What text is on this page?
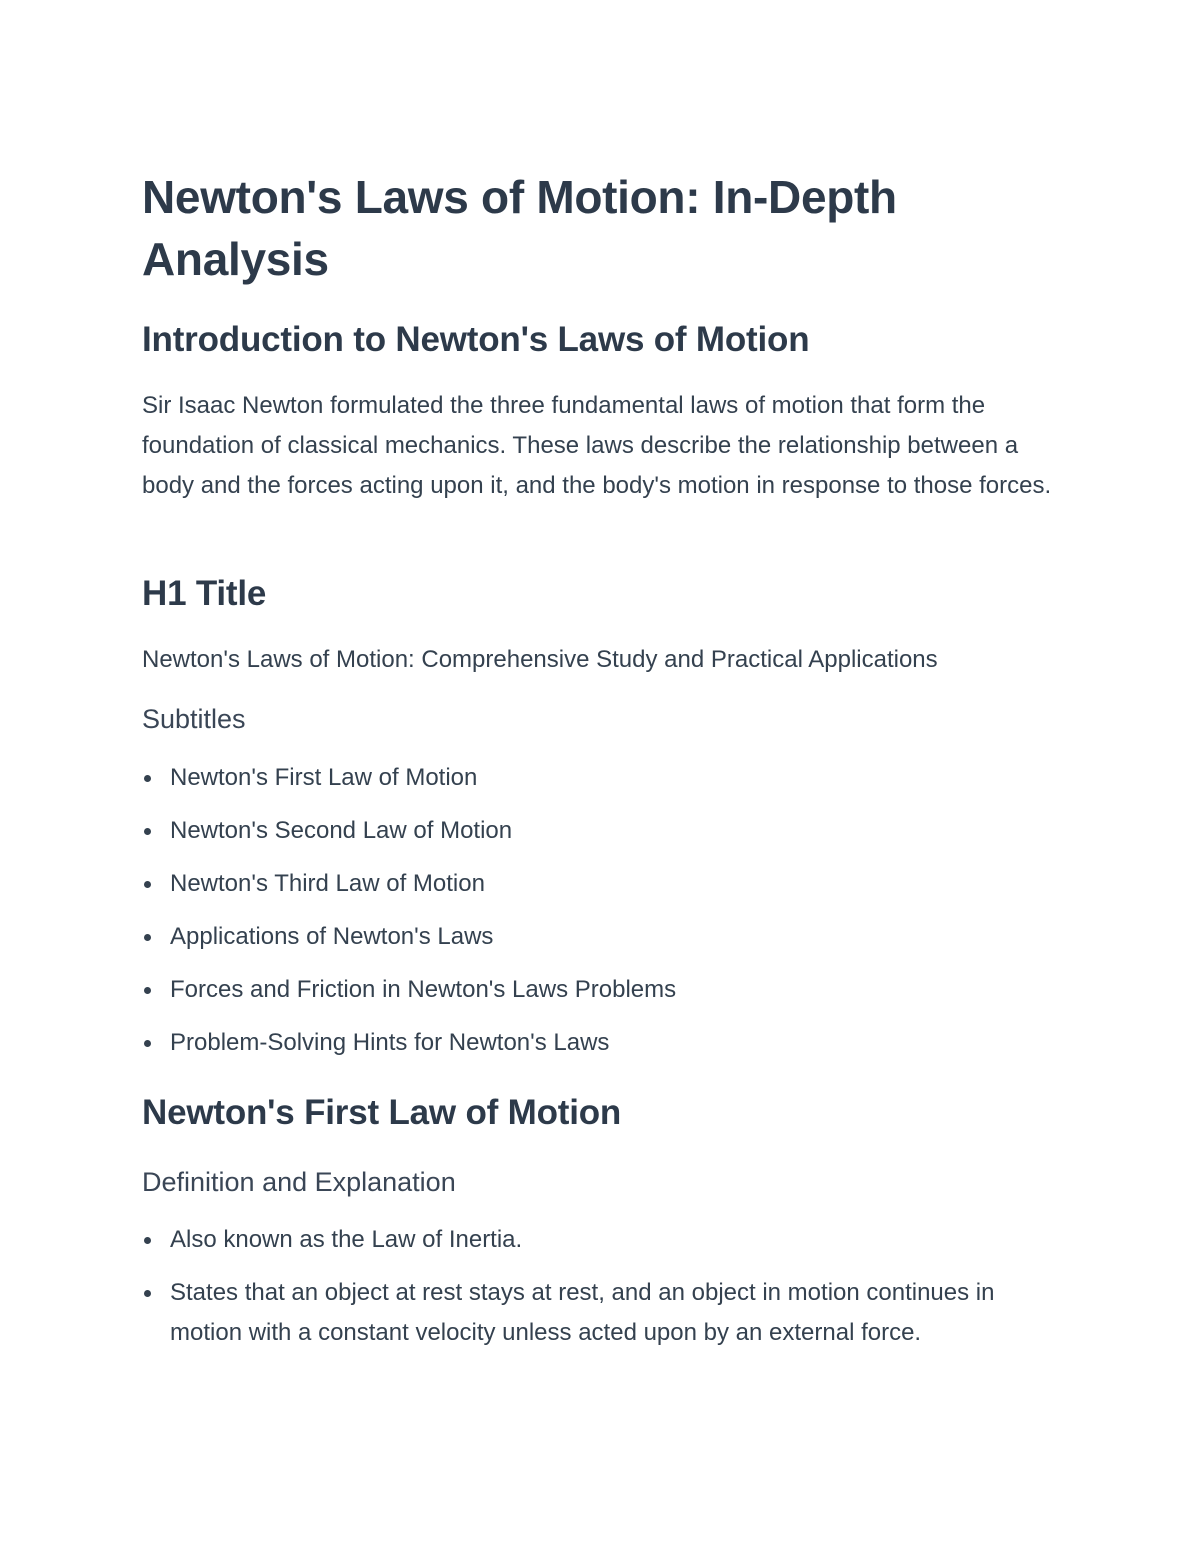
Newton's Laws of Motion: In-Depth Analysis
Introduction to Newton's Laws of Motion

Sir Isaac Newton formulated the three fundamental laws of motion that form the foundation of classical mechanics. These laws describe the relationship between a body and the forces acting upon it, and the body's motion in response to those forces.

H1 Title

Newton's Laws of Motion: Comprehensive Study and Practical Applications

Subtitles
Newton's First Law of Motion
Newton's Second Law of Motion
Newton's Third Law of Motion
Applications of Newton's Laws
Forces and Friction in Newton's Laws Problems
Problem-Solving Hints for Newton's Laws
Newton's First Law of Motion
Definition and Explanation
Also known as the Law of Inertia.
States that an object at rest stays at rest, and an object in motion continues in motion with a constant velocity unless acted upon by an external force.
